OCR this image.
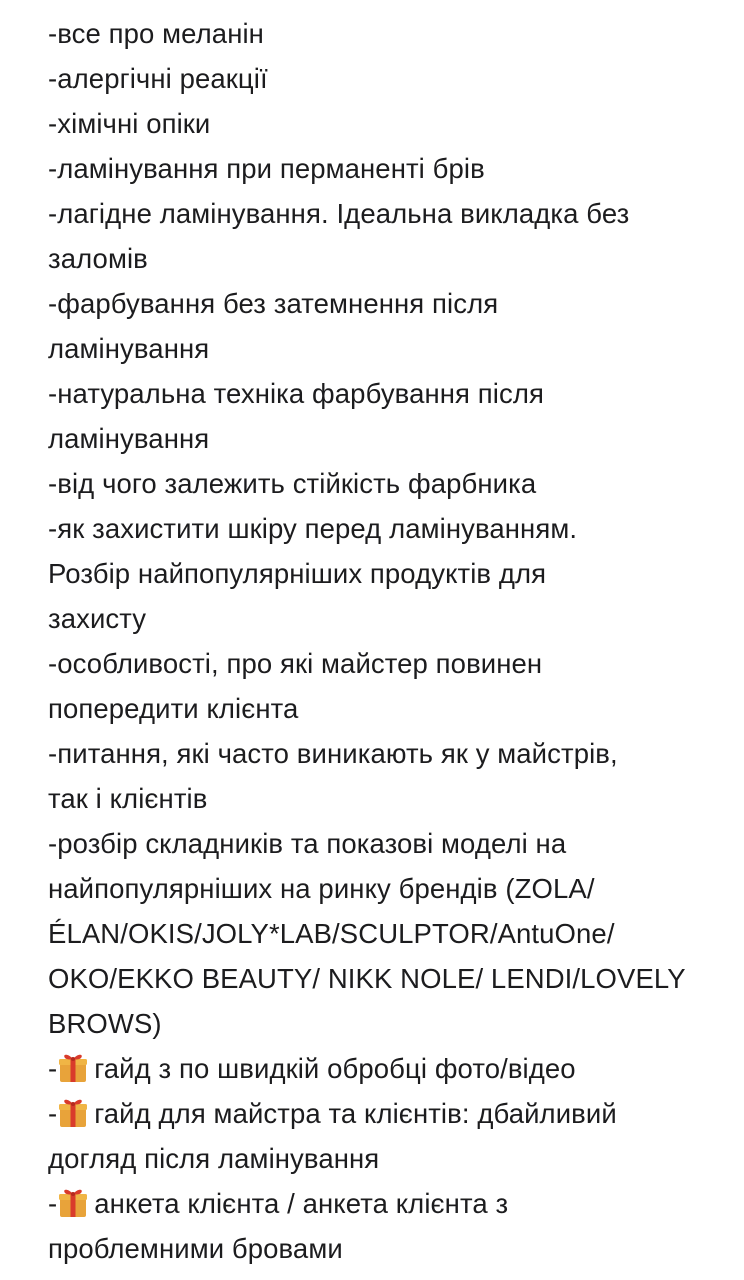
-все про меланін
-алергічні реакції
-хімічні опіки
-ламінування при перманенті брів
-лагідне ламінування. Ідеальна викладка без
заломів
-фарбування без затемнення після
ламінування
-натуральна техніка фарбування після
ламінування
-від чого залежить стійкість фарбника
-як захистити шкіру перед ламінуванням.
Розбір найпопулярніших продуктів для
захисту
-особливості, про які майстер повинен
попередити клієнта
-питання, які часто виникають як у майстрів,
так і клієнтів
-розбір складників та показові моделі на
найпопулярніших на ринку брендів (ZOLA/
ÉLAN/OKIS/JOLY*LAB/SCULPTOR/AntuOne/
OKO/EKKO BEAUTY/ NIKK NOLE/ LENDI/LOVELY
BROWS)
- гайд з по швидкій обробці фото/відео
- гайд для майстра та клієнтів: дбайливий
догляд після ламінування
- анкета клієнта / анкета клієнта з
проблемними бровами
